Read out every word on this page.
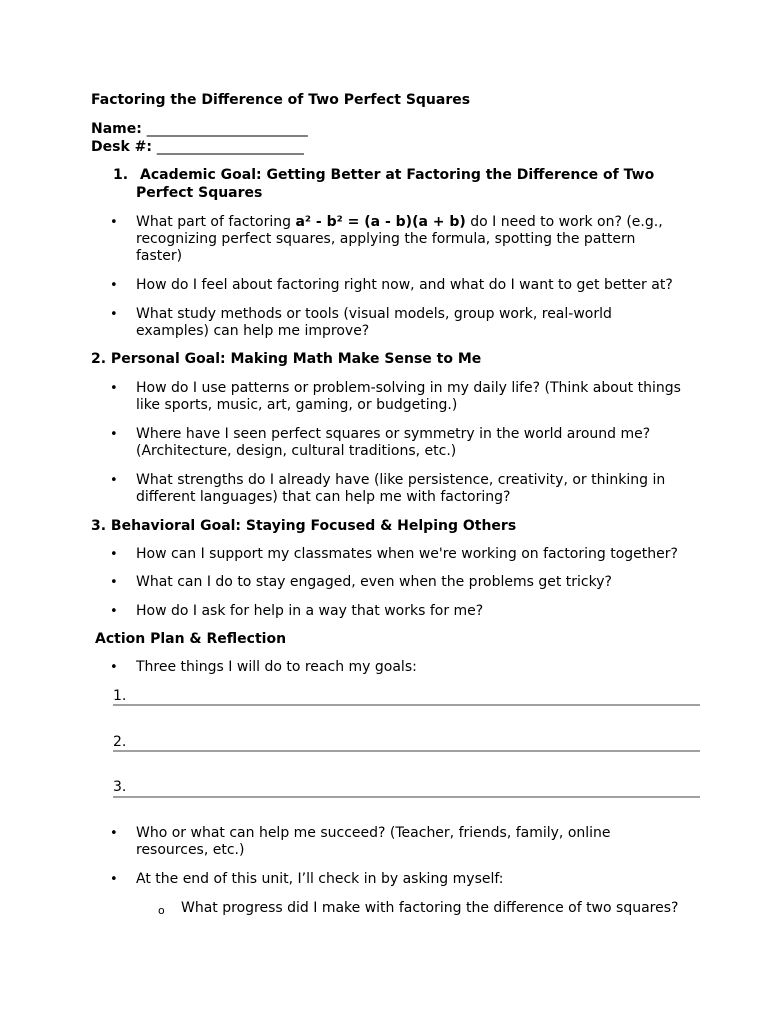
Factoring the Difference of Two Perfect Squares
Name: _______________________
Desk #: _____________________
1. Academic Goal: Getting Better at Factoring the Difference of Two
Perfect Squares
• What part of factoring a² - b² = (a - b)(a + b) do I need to work on? (e.g.,
recognizing perfect squares, applying the formula, spotting the pattern
faster)
• How do I feel about factoring right now, and what do I want to get better at?
• What study methods or tools (visual models, group work, real-world
examples) can help me improve?
2. Personal Goal: Making Math Make Sense to Me
• How do I use patterns or problem-solving in my daily life? (Think about things
like sports, music, art, gaming, or budgeting.)
• Where have I seen perfect squares or symmetry in the world around me?
(Architecture, design, cultural traditions, etc.)
• What strengths do I already have (like persistence, creativity, or thinking in
different languages) that can help me with factoring?
3. Behavioral Goal: Staying Focused & Helping Others
• How can I support my classmates when we're working on factoring together?
• What can I do to stay engaged, even when the problems get tricky?
• How do I ask for help in a way that works for me?
Action Plan & Reflection
• Three things I will do to reach my goals:
1.
2.
3.
• Who or what can help me succeed? (Teacher, friends, family, online
resources, etc.)
• At the end of this unit, I’ll check in by asking myself:
o What progress did I make with factoring the difference of two squares?
